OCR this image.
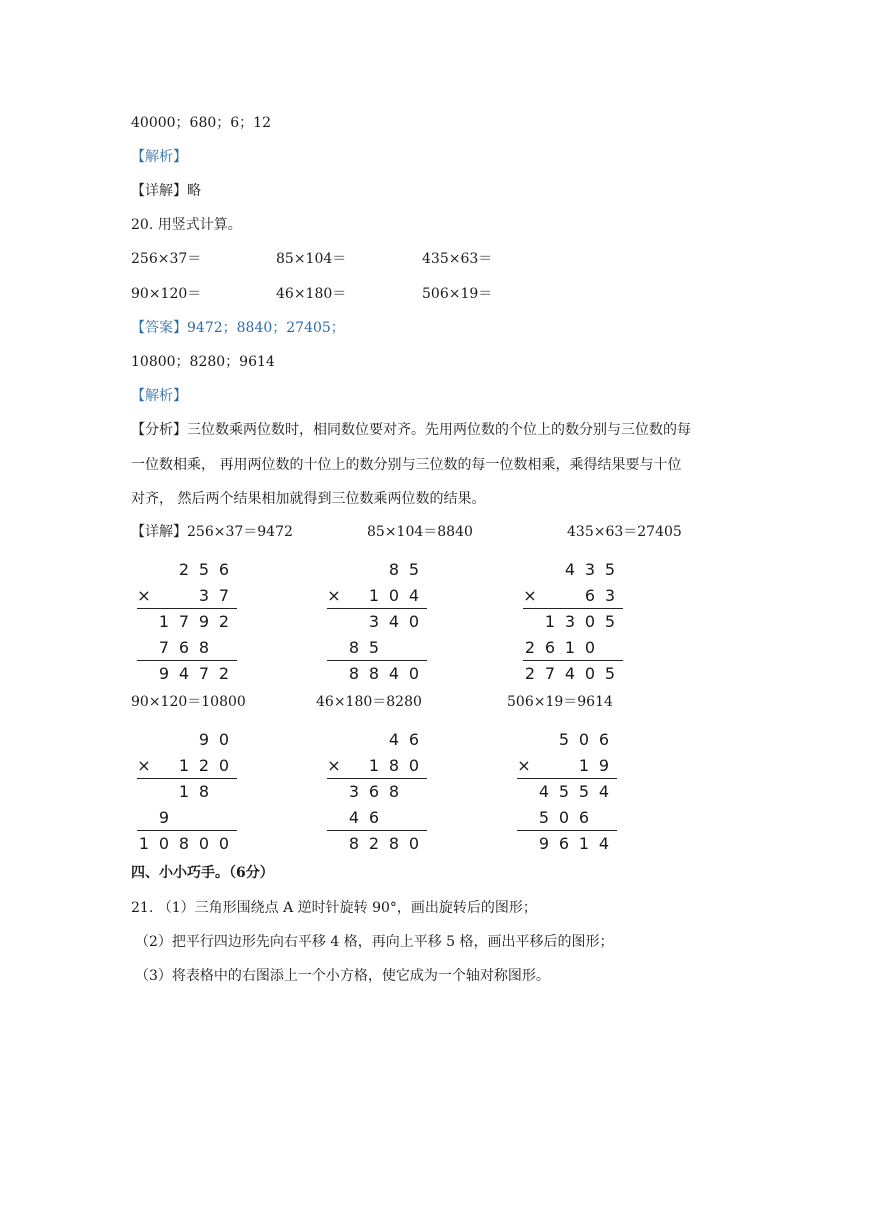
40000；680；6；12
【解析】
【详解】略
20. 用竖式计算。
256×37＝	85×104＝	435×63＝
90×120＝	46×180＝	506×19＝
【答案】9472；8840；27405；
10800；8280；9614
【解析】
【分析】三位数乘两位数时，相同数位要对齐。先用两位数的个位上的数分别与三位数的每
一位数相乘， 再用两位数的十位上的数分别与三位数的每一位数相乘，乘得结果要与十位
对齐， 然后两个结果相加就得到三位数乘两位数的结果。
【详解】256×37＝9472	85×104＝8840	435×63＝27405
2 5 6
×	3 7
1 7 9 2
7 6 8
9 4 7 2
8 5
× 1 0 4
3 4 0
8 5
8 8 4 0
4 3 5
×	6 3
1 3 0 5
2 6 1 0
2 7 4 0 5
90×120＝10800	46×180＝8280	506×19＝9614
9 0
× 1 2 0
1 8
9
1 0 8 0 0
4 6
× 1 8 0
3 6 8
4 6
8 2 8 0
5 0 6
×	1 9
4 5 5 4
5 0 6
9 6 1 4
四、小小巧手。（6分）
21. （1）三角形围绕点 A 逆时针旋转 90°，画出旋转后的图形；
（2）把平行四边形先向右平移 4 格，再向上平移 5 格，画出平移后的图形；
（3）将表格中的右图添上一个小方格，使它成为一个轴对称图形。
